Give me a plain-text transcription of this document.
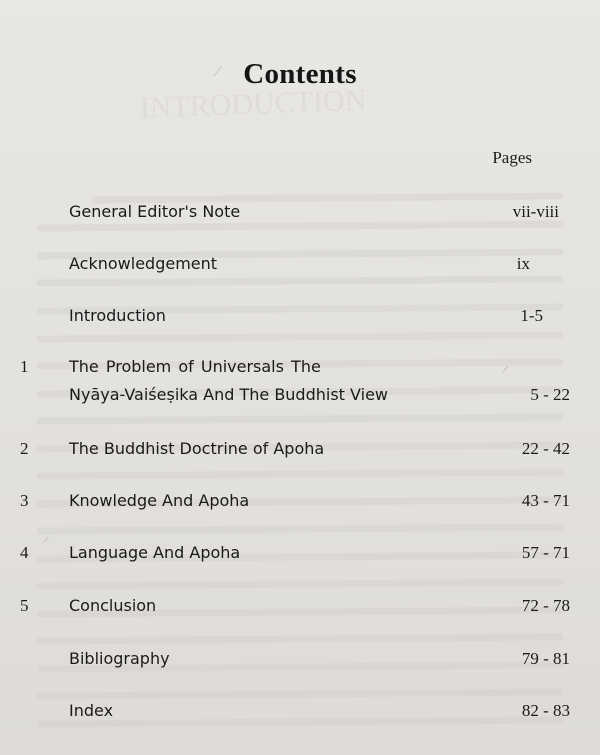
INTRODUCTION
Contents
Pages
General Editor's Note	vii-viii
Acknowledgement	ix
Introduction	1-5
1	The Problem of Universals The
Nyāya-Vaiśeṣika And The Buddhist View	5 - 22
2	The Buddhist Doctrine of Apoha	22 - 42
3	Knowledge And Apoha	43 - 71
4	Language And Apoha	57 - 71
5	Conclusion	72 - 78
Bibliography	79 - 81
Index	82 - 83
